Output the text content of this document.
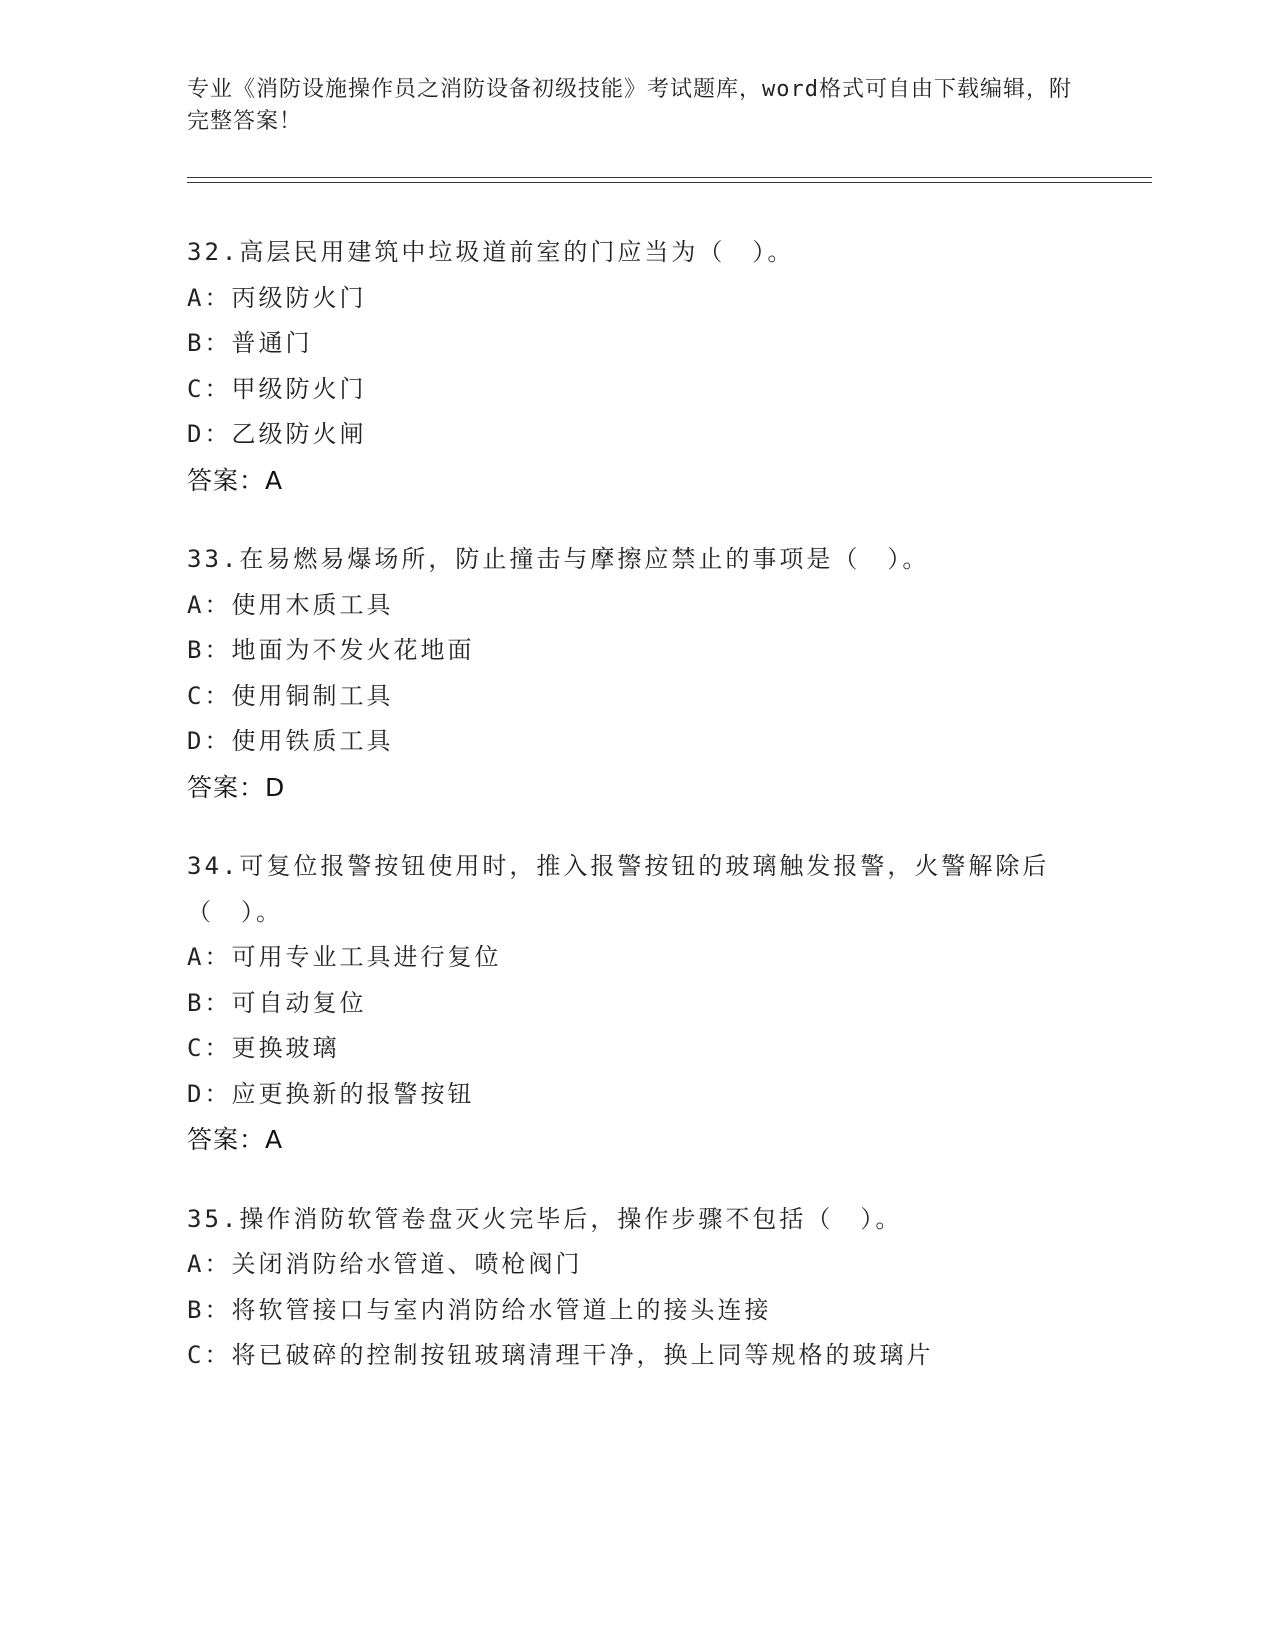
专业《消防设施操作员之消防设备初级技能》考试题库，word格式可自由下载编辑，附完整答案！

32.高层民用建筑中垃圾道前室的门应当为（　）。

A：丙级防火门

B：普通门

C：甲级防火门

D：乙级防火闸

答案：A

33.在易燃易爆场所，防止撞击与摩擦应禁止的事项是（　）。

A：使用木质工具

B：地面为不发火花地面

C：使用铜制工具

D：使用铁质工具

答案：D

34.可复位报警按钮使用时，推入报警按钮的玻璃触发报警，火警解除后（　）。

A：可用专业工具进行复位

B：可自动复位

C：更换玻璃

D：应更换新的报警按钮

答案：A

35.操作消防软管卷盘灭火完毕后，操作步骤不包括（　）。

A：关闭消防给水管道、喷枪阀门

B：将软管接口与室内消防给水管道上的接头连接

C：将已破碎的控制按钮玻璃清理干净，换上同等规格的玻璃片
